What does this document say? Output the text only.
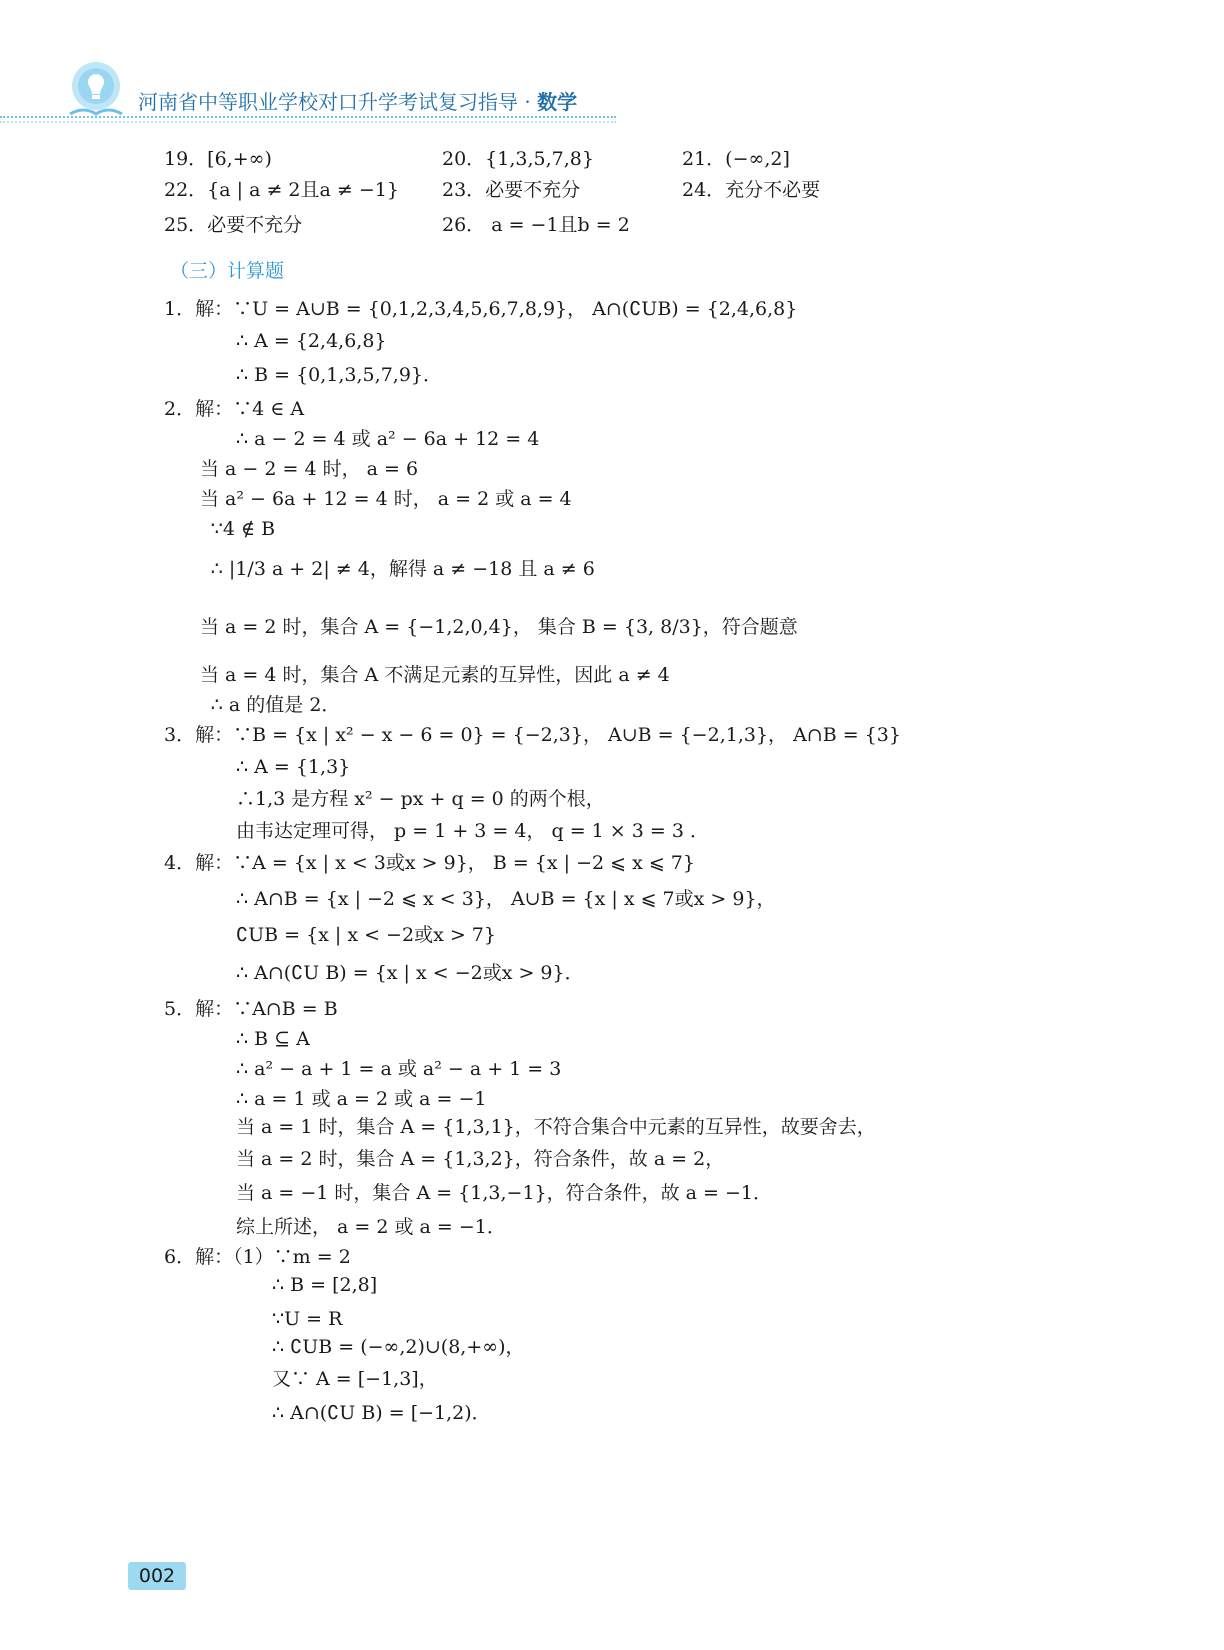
河南省中等职业学校对口升学考试复习指导 · 数学
19．[6,+∞)	20．{1,3,5,7,8}	21．(−∞,2]
22．{a | a ≠ 2且a ≠ −1} 23．必要不充分	24．充分不必要
25．必要不充分	26． a = −1且b = 2
（三）计算题
1．解：∵U = A∪B = {0,1,2,3,4,5,6,7,8,9}， A∩(∁UB) = {2,4,6,8}
∴ A = {2,4,6,8}
∴ B = {0,1,3,5,7,9}．
2．解：∵4 ∈ A
∴ a − 2 = 4 或 a² − 6a + 12 = 4
当 a − 2 = 4 时， a = 6
当 a² − 6a + 12 = 4 时， a = 2 或 a = 4
∵4 ∉ B
∴ |1/3 a + 2| ≠ 4，解得 a ≠ −18 且 a ≠ 6
当 a = 2 时，集合 A = {−1,2,0,4}， 集合 B = {3, 8/3}，符合题意
当 a = 4 时，集合 A 不满足元素的互异性，因此 a ≠ 4
∴ a 的值是 2．
3．解：∵B = {x | x² − x − 6 = 0} = {−2,3}， A∪B = {−2,1,3}， A∩B = {3}
∴ A = {1,3}
∴1,3 是方程 x² − px + q = 0 的两个根，
由韦达定理可得， p = 1 + 3 = 4， q = 1 × 3 = 3 ．
4．解：∵A = {x | x < 3或x > 9}， B = {x | −2 ⩽ x ⩽ 7}
∴ A∩B = {x | −2 ⩽ x < 3}， A∪B = {x | x ⩽ 7或x > 9}，
∁UB = {x | x < −2或x > 7}
∴ A∩(∁U B) = {x | x < −2或x > 9}．
5．解：∵A∩B = B
∴ B ⊆ A
∴ a² − a + 1 = a 或 a² − a + 1 = 3
∴ a = 1 或 a = 2 或 a = −1
当 a = 1 时，集合 A = {1,3,1}，不符合集合中元素的互异性，故要舍去，
当 a = 2 时，集合 A = {1,3,2}，符合条件，故 a = 2，
当 a = −1 时，集合 A = {1,3,−1}，符合条件，故 a = −1．
综上所述， a = 2 或 a = −1．
6．解：（1）∵m = 2
∴ B = [2,8]
∵U = R
∴ ∁UB = (−∞,2)∪(8,+∞)，
又∵ A = [−1,3]，
∴ A∩(∁U B) = [−1,2)．
002
